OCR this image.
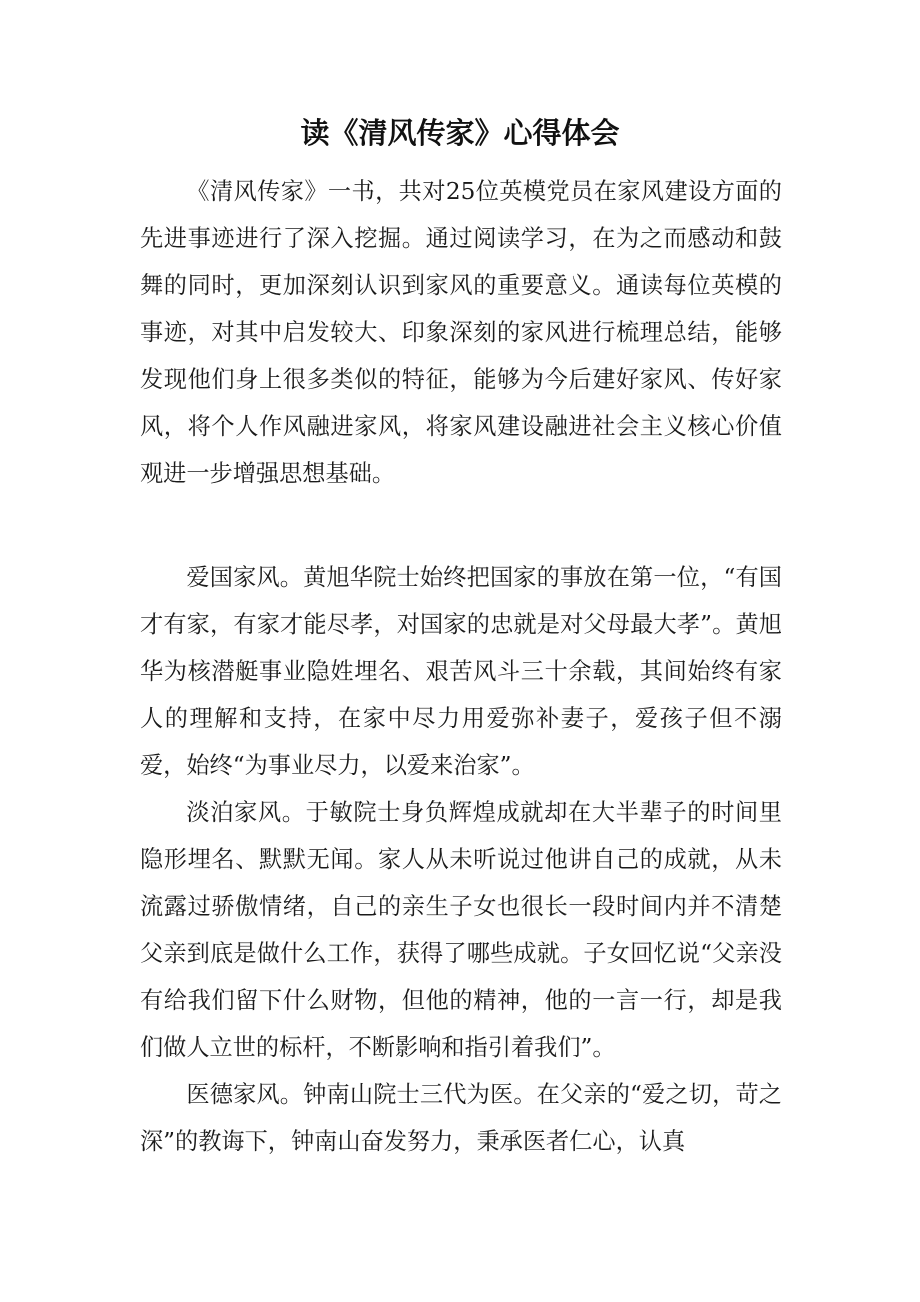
读《清风传家》心得体会

《清风传家》一书，共对25位英模党员在家风建设方面的先进事迹进行了深入挖掘。通过阅读学习，在为之而感动和鼓舞的同时，更加深刻认识到家风的重要意义。通读每位英模的事迹，对其中启发较大、印象深刻的家风进行梳理总结，能够发现他们身上很多类似的特征，能够为今后建好家风、传好家风，将个人作风融进家风，将家风建设融进社会主义核心价值观进一步增强思想基础。

爱国家风。黄旭华院士始终把国家的事放在第一位，“有国才有家，有家才能尽孝，对国家的忠就是对父母最大孝”。黄旭华为核潜艇事业隐姓埋名、艰苦风斗三十余载，其间始终有家人的理解和支持，在家中尽力用爱弥补妻子，爱孩子但不溺爱，始终“为事业尽力，以爱来治家”。

淡泊家风。于敏院士身负辉煌成就却在大半辈子的时间里隐形埋名、默默无闻。家人从未听说过他讲自己的成就，从未流露过骄傲情绪，自己的亲生子女也很长一段时间内并不清楚父亲到底是做什么工作，获得了哪些成就。子女回忆说“父亲没有给我们留下什么财物，但他的精神，他的一言一行，却是我们做人立世的标杆，不断影响和指引着我们”。

医德家风。钟南山院士三代为医。在父亲的“爱之切，苛之深”的教诲下，钟南山奋发努力，秉承医者仁心，认真
